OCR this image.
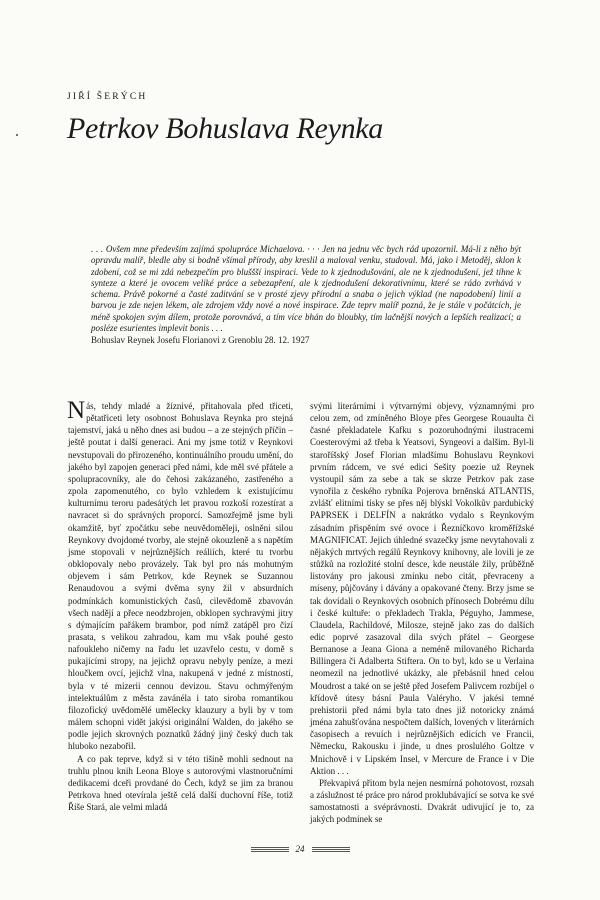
JIŘÍ ŠERÝCH
Petrkov Bohuslava Reynka

. . . Ovšem mne především zajímá spolupráce Michaelova. · · · Jen na jednu věc bych rád upozornil. Má-li z něho být opravdu malíř, bledle aby si bodně všímal přírody, aby kreslil a maloval venku, studoval. Má, jako i Metoděj, sklon k zdobení, což se mi zdá nebezpečím pro bluššší inspiraci. Vede to k zjednodušování, ale ne k zjednodušení, jež tíhne k synteze a které je ovocem veliké práce a sebezapření, ale k zjednodušení dekorativnímu, které se rádo zvrhává v schema. Právě pokorné a časté zaditvání se v prosté zjevy přírodní a snaba o jejich výklad (ne napodobení) linií a barvou je zde nejen lékem, ale zdrojem vždy nové a nové inspirace. Zde teprv malíř pozná, že je stále v počátcích, je méně spokojen svým dílem, protože porovnává, a tím více bhán do bloubky, tím lačnější nových a lepších realizací; a posléze esurientes implevit bonis . . .

Bohuslav Reynek Josefu Florianovi z Grenoblu 28. 12. 1927

Nás, tehdy mladé a žíznivé, přitahovala před třiceti, pětatřiceti lety osobnost Bohuslava Reynka pro stejná tajemství, jaká u něho dnes asi budou – a ze stejných příčin – ještě poutat i další generaci. Ani my jsme totiž v Reynkovi nevstupovali do přirozeného, kontinuálního proudu umění, do jakého byl zapojen generaci před námi, kde měl své přátele a spolupracovníky, ale do čehosi zakázaného, zastřeného a zpola zapomenutého, co bylo vzhledem k existujícímu kulturnímu teroru padesátých let pravou rozkoší rozestírat a navracet si do správných proporcí. Samozřejmě jsme byli okamžitě, byť zpočátku sebe neuvědoměleji, oslněni silou Reynkovy dvojdomé tvorby, ale stejně okouzleně a s napětím jsme stopovali v nejrůznějších reáliích, které tu tvorbu obklopovaly nebo provázely. Tak byl pro nás mohutným objevem i sám Petrkov, kde Reynek se Suzannou Renaudovou a svými dvěma syny žil v absurdních podmínkách komunistických časů, cilevědomě zbavován všech nadějí a přece neodzbrojen, obklopen sychravými jitry s dýmajícím pařákem brambor, pod nímž zatápěl pro čízí prasata, s velikou zahradou, kam mu však pouhé gesto nafoukleho ničemy na řadu let uzavřelo cestu, v domě s pukajícími stropy, na jejichž opravu nebyly peníze, a mezi hloučkem ovcí, jejichž vlna, nakupená v jedné z místností, byla v té mizerii cennou devizou. Stavu ochmýřeným intelektuálům z města zavánéla i tato siroba romantikou filozofický uvědomělé umělecky klauzury a byli by v tom málem schopni vidět jakýsi originální Walden, do jakého se podle jejich skrovných poznatků žádný jiný český duch tak hluboko nezabořil.

A co pak teprve, když si v této tišině mohli sednout na truhlu plnou knih Leona Bloye s autorovými vlastnoručními dedikacemi dceři provdané do Čech, když se jim za branou Petrkova hned otevírala ještě celá další duchovní říše, totiž Říše Stará, ale velmi mladá

svými literárními i výtvarnými objevy, významnými pro celou zem, od zmíněného Bloye přes Georgese Rouaulta či časné překladatele Kafku s pozoruhodnými ilustracemi Coesterovými až třeba k Yeatsovi, Syngeovi a dalším. Byl-li staroříšský Josef Florian mladšímu Bohuslavu Reynkovi prvním rádcem, ve své edici Sešity poezie už Reynek vystoupil sám za sebe a tak se skrze Petrkov pak zase vynořila z českého rybníka Pojerova brněnská ATLANTIS, zvlášť elitními tisky se přes něj blýskl Vokolkův pardubický PAPRSEK i DELFÍN a nakrátko vydalo s Reynkovým zásadním přispěním své ovoce i Řezníčkovo kroměřížské MAGNIFICAT. Jejich úhledné svazečky jsme nevytahovali z nějakých mrtvých regálů Reynkovy knihovny, ale lovili je ze stůžků na rozložité stolní desce, kde neustále žily, průběžně listovány pro jakousi zmínku nebo citát, převraceny a míseny, půjčovány i dávány a opakované čteny. Brzy jsme se tak dovídali o Reynkových osobních přínosech Dobrému dílu i české kultuře: o překladech Trakla, Péguyho, Jammese, Claudela, Rachildové, Milosze, stejně jako zas do dalších edic poprvé zasazoval dila svých přátel – Georgese Bernanose a Jeana Giona a neméně milovaného Richarda Billingera či Adalberta Stiftera. On to byl, kdo se u Verlaina neomezil na jednotlivé ukázky, ale přebásnil hned celou Moudrost a také on se ještě před Josefem Palivcem rozbíjel o křídově útesy básní Paula Valéryho. V jakési temné prehistorii před námi byla tato dnes již notoricky známá jména zahušťována nespočtem dalších, lovených v literárních časopisech a revuích i nejrůznějších edicích ve Francii, Německu, Rakousku i jinde, u dnes proslulého Goltze v Mnichově i v Lipském Insel, v Mercure de France i v Die Aktion . . .

Překvapivá přitom byla nejen nesmírná pohotovost, rozsah a záslužnost té práce pro národ proklubávající se sotva ke své samostatnosti a svéprávnosti. Dvakrát udivující je to, za jakých podmínek se

24
